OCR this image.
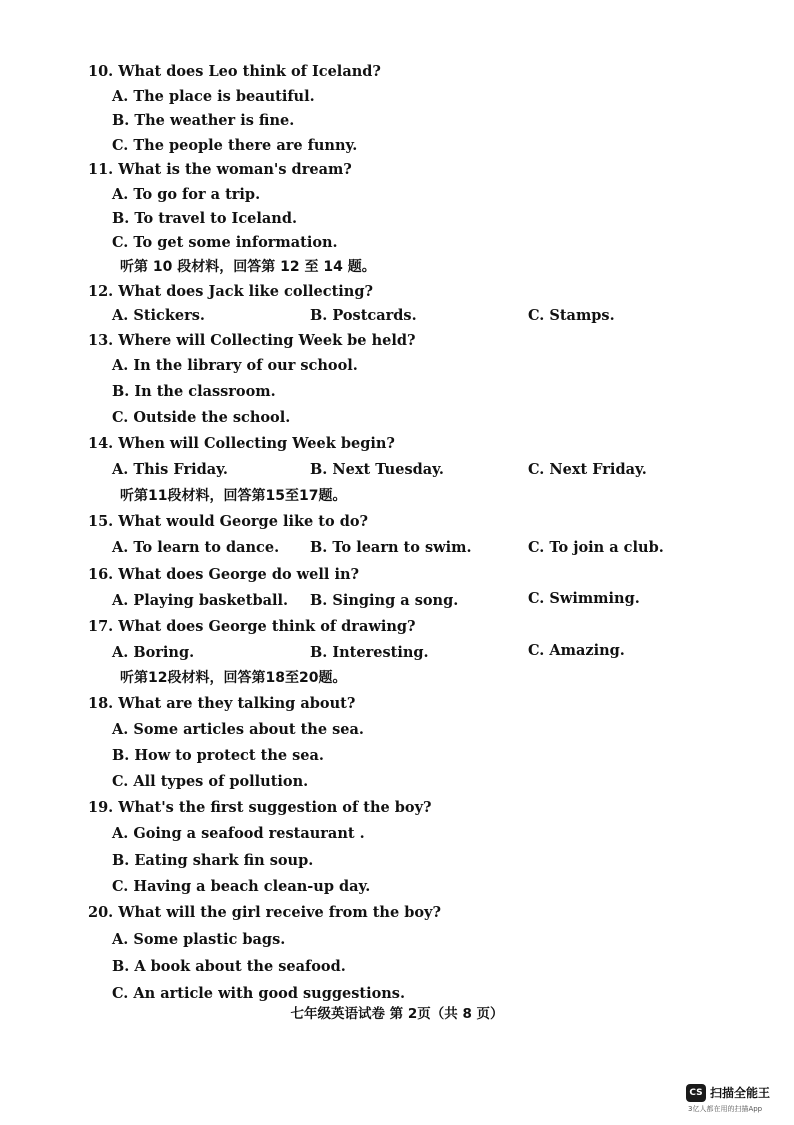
10. What does Leo think of Iceland?
A. The place is beautiful.
B. The weather is fine.
C. The people there are funny.
11. What is the woman's dream?
A. To go for a trip.
B. To travel to Iceland.
C. To get some information.
听第 10 段材料，回答第 12 至 14 题。
12. What does Jack like collecting?
A. Stickers.	B. Postcards.	C. Stamps.
13. Where will Collecting Week be held?
A. In the library of our school.
B. In the classroom.
C. Outside the school.
14. When will Collecting Week begin?
A. This Friday.	B. Next Tuesday.	C. Next Friday.
听第11段材料，回答第15至17题。
15. What would George like to do?
A. To learn to dance. B. To learn to swim.	C. To join a club.
16. What does George do well in?
A. Playing basketball. B. Singing a song.	C. Swimming.
17. What does George think of drawing?
A. Boring.	B. Interesting.	C. Amazing.
听第12段材料，回答第18至20题。
18. What are they talking about?
A. Some articles about the sea.
B. How to protect the sea.
C. All types of pollution.
19. What's the first suggestion of the boy?
A. Going a seafood restaurant .
B. Eating shark fin soup.
C. Having a beach clean-up day.
20. What will the girl receive from the boy?
A. Some plastic bags.
B. A book about the seafood.
C. An article with good suggestions.
七年级英语试卷 第 2页（共 8 页）
CS 扫描全能王
3亿人都在用的扫描App
